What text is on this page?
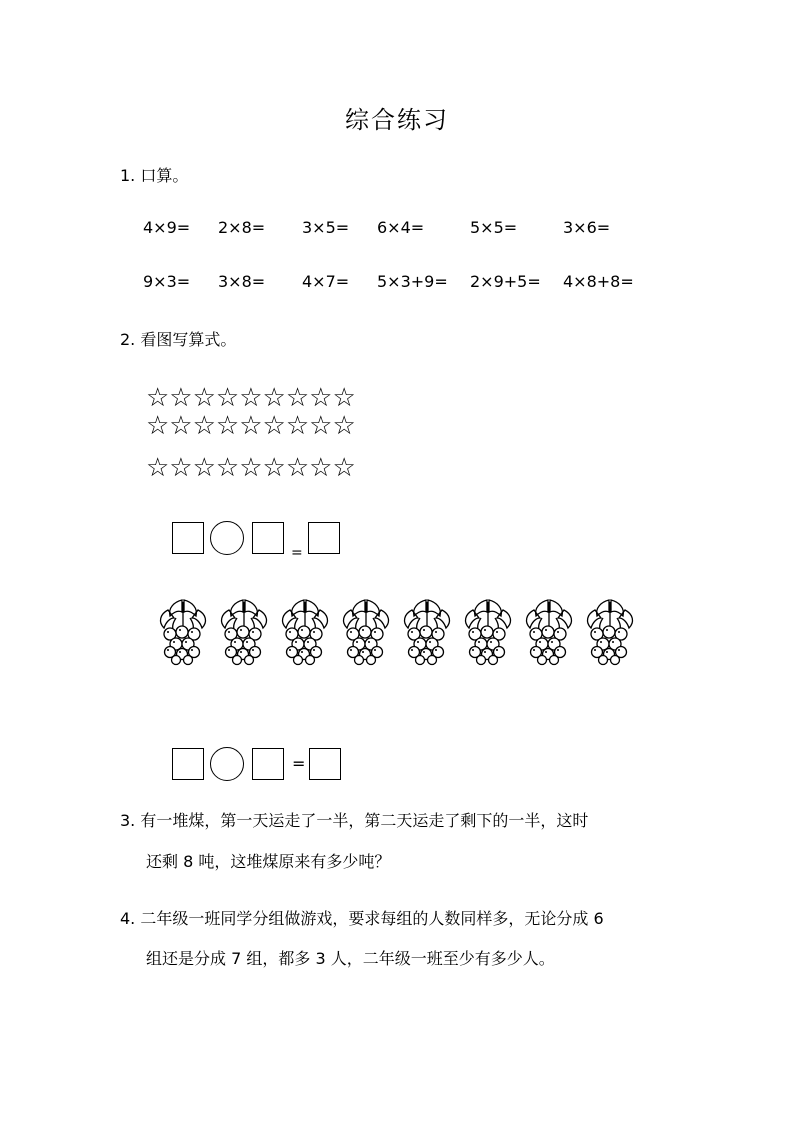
综合练习
1. 口算。
4×9= 2×8= 3×5= 6×4=	5×5=	3×6=
9×3= 3×8= 4×7= 5×3+9= 2×9+5= 4×8+8=
2. 看图写算式。
☆☆☆☆☆☆☆☆☆
☆☆☆☆☆☆☆☆☆
☆☆☆☆☆☆☆☆☆
=
=
3. 有一堆煤，第一天运走了一半，第二天运走了剩下的一半，这时
还剩 8 吨，这堆煤原来有多少吨？
4. 二年级一班同学分组做游戏，要求每组的人数同样多，无论分成 6
组还是分成 7 组，都多 3 人，二年级一班至少有多少人。
